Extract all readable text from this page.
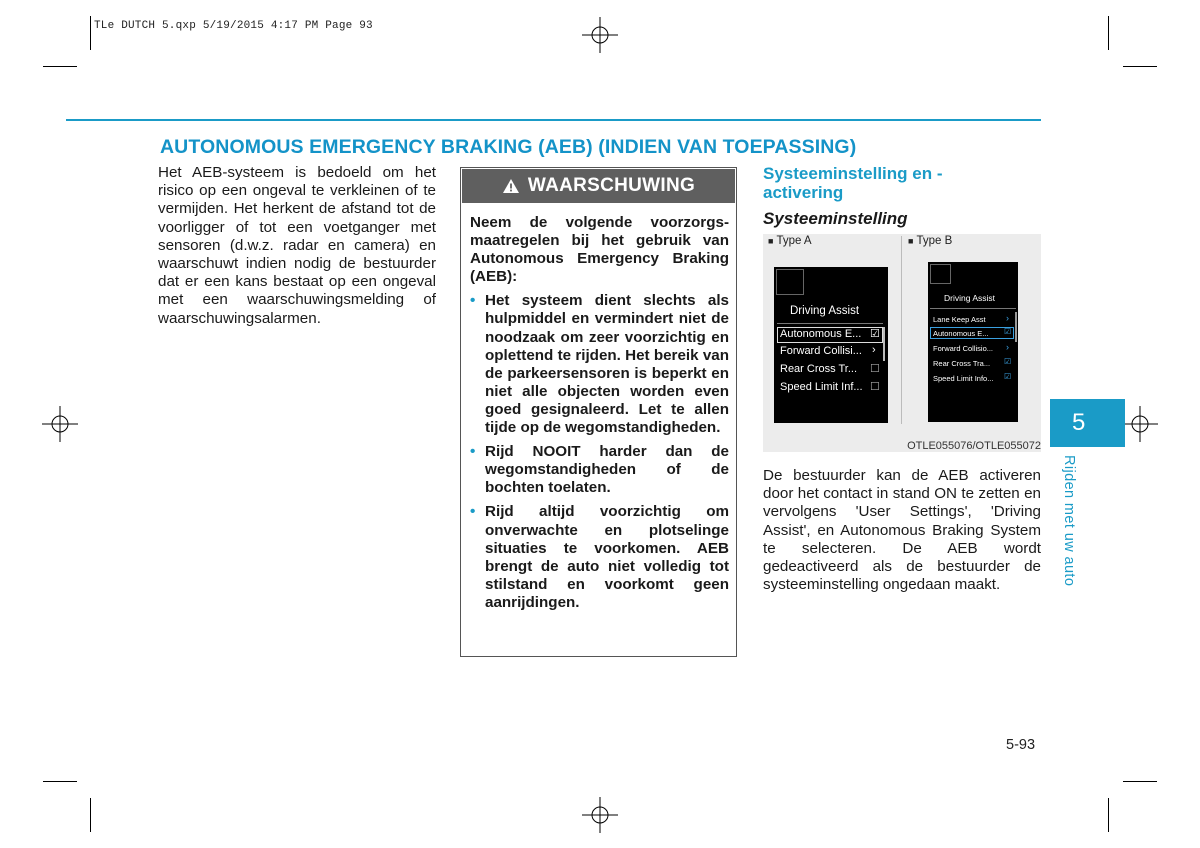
TLe DUTCH 5.qxp 5/19/2015 4:17 PM Page 93
AUTONOMOUS EMERGENCY BRAKING (AEB) (INDIEN VAN TOEPASSING)
Het AEB-systeem is bedoeld om het risico op een ongeval te verkleinen of te vermijden. Het herkent de afstand tot de voorligger of tot een voetganger met sensoren (d.w.z. radar en camera) en waarschuwt indien nodig de bestuurder dat er een kans bestaat op een ongeval met een waarschuwingsmelding of waarschuwingsalarmen.
WAARSCHUWING

Neem de volgende voorzorgs-maatregelen bij het gebruik van Autonomous Emergency Braking (AEB):

• Het systeem dient slechts als hulpmiddel en vermindert niet de noodzaak om zeer voorzichtig en oplettend te rijden. Het bereik van de parkeersensoren is beperkt en niet alle objecten worden even goed gesignaleerd. Let te allen tijde op de wegomstandigheden.
• Rijd NOOIT harder dan de wegomstandigheden of de bochten toelaten.
• Rijd altijd voorzichtig om onverwachte en plotselinge situaties te voorkomen. AEB brengt de auto niet volledig tot stilstand en voorkomt geen aanrijdingen.
Systeeminstelling en - activering
Systeeminstelling
■ Type A	■ Type B
Driving Assist
Autonomous E... ☑
Forward Collisi... ›
Rear Cross Tr... ☐
Speed Limit Inf... ☐
Driving Assist
Lane Keep Asst ›
Autonomous E... ☑
Forward Collisio... ›
Rear Cross Tra... ☑
Speed Limit Info... ☑
OTLE055076/OTLE055072
De bestuurder kan de AEB activeren door het contact in stand ON te zetten en vervolgens 'User Settings', 'Driving Assist', en Autonomous Braking System te selecteren. De AEB wordt gedeactiveerd als de bestuurder de systeeminstelling ongedaan maakt.
5
Rijden met uw auto
5-93
